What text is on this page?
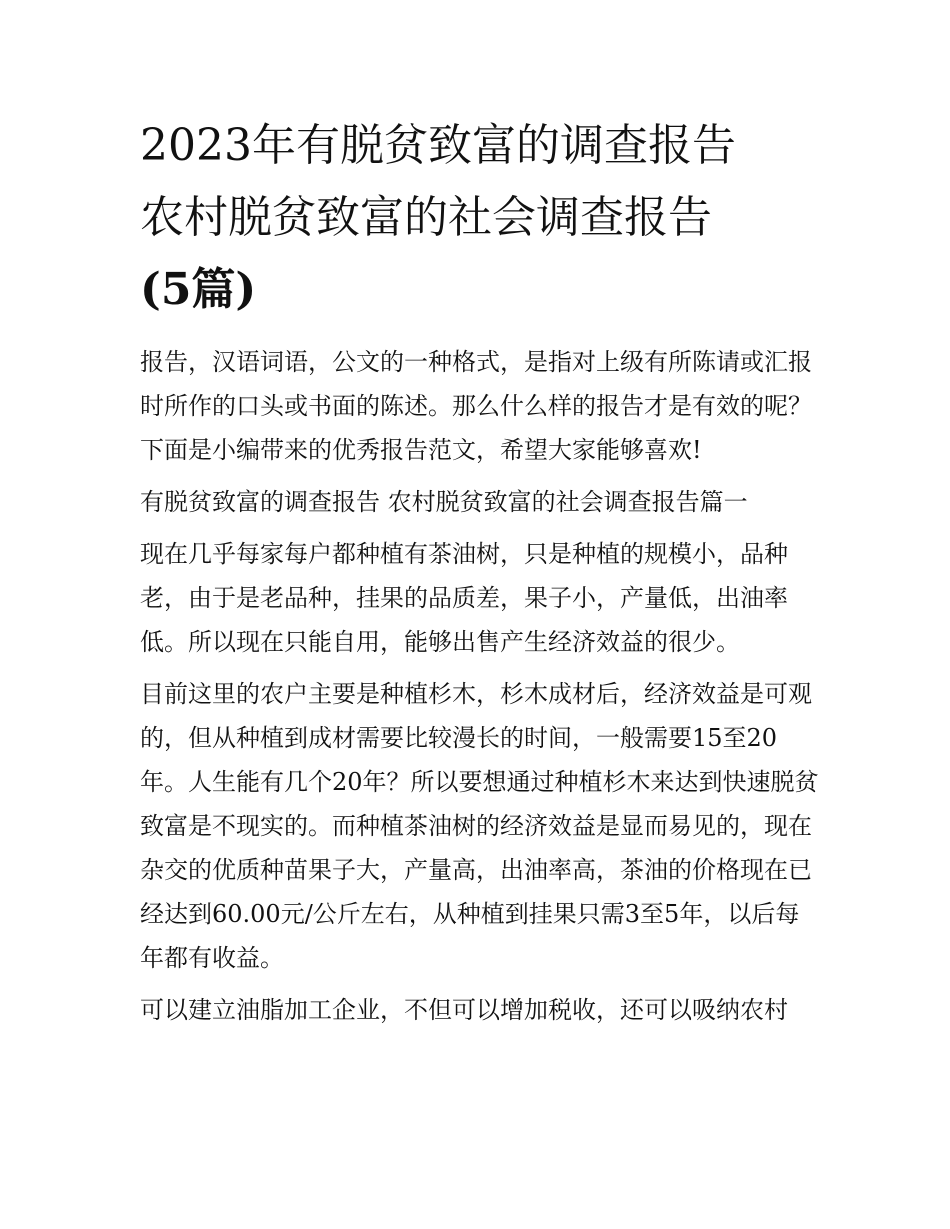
2023年有脱贫致富的调查报告
农村脱贫致富的社会调查报告
(5篇)

报告，汉语词语，公文的一种格式，是指对上级有所陈请或汇报时所作的口头或书面的陈述。那么什么样的报告才是有效的呢？下面是小编带来的优秀报告范文，希望大家能够喜欢!

有脱贫致富的调查报告 农村脱贫致富的社会调查报告篇一

现在几乎每家每户都种植有茶油树，只是种植的规模小，品种老，由于是老品种，挂果的品质差，果子小，产量低，出油率低。所以现在只能自用，能够出售产生经济效益的很少。

目前这里的农户主要是种植杉木，杉木成材后，经济效益是可观的，但从种植到成材需要比较漫长的时间，一般需要15至20年。人生能有几个20年？所以要想通过种植杉木来达到快速脱贫致富是不现实的。而种植茶油树的经济效益是显而易见的，现在杂交的优质种苗果子大，产量高，出油率高，茶油的价格现在已经达到60.00元/公斤左右，从种植到挂果只需3至5年，以后每年都有收益。

可以建立油脂加工企业，不但可以增加税收，还可以吸纳农村
